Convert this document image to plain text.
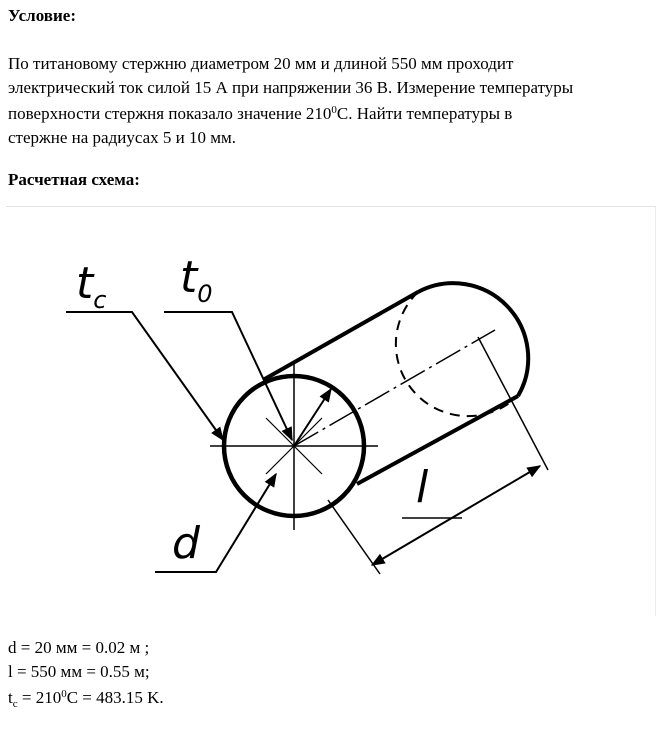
Условие:
По титановому стержню диаметром 20 мм и длиной 550 мм проходит
электрический ток силой 15 А при напряжении 36 В. Измерение температуры
поверхности стержня показало значение $210^0С$. Найти температуры в
стержне на радиусах 5 и 10 мм.
Расчетная схема:
$t_c$ $t_0$
d
l
d = 20 мм = 0.02 м ;
l = 550 мм = 0.55 м;
$t_c = 210^0C = 483.15$ K.
